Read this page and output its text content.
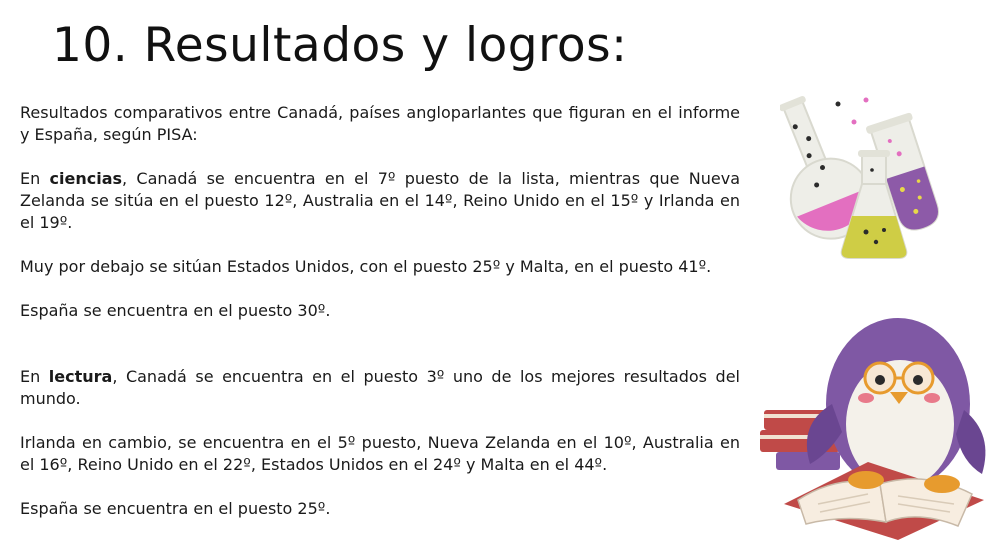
10. Resultados y logros:

Resultados comparativos entre Canadá, países angloparlantes que figuran en el informe y España, según PISA:

En ciencias, Canadá se encuentra en el 7º puesto de la lista, mientras que Nueva Zelanda se sitúa en el puesto 12º, Australia en el 14º, Reino Unido en el 15º y Irlanda en el 19º.

Muy por debajo se sitúan Estados Unidos, con el puesto 25º y Malta, en el puesto 41º.

España se encuentra en el puesto 30º.

En lectura, Canadá se encuentra en el puesto 3º uno de los mejores resultados del mundo.

Irlanda en cambio, se encuentra en el 5º puesto, Nueva Zelanda en el 10º, Australia en el 16º, Reino Unido en el 22º, Estados Unidos en el 24º y Malta en el 44º.

España se encuentra en el puesto 25º.
